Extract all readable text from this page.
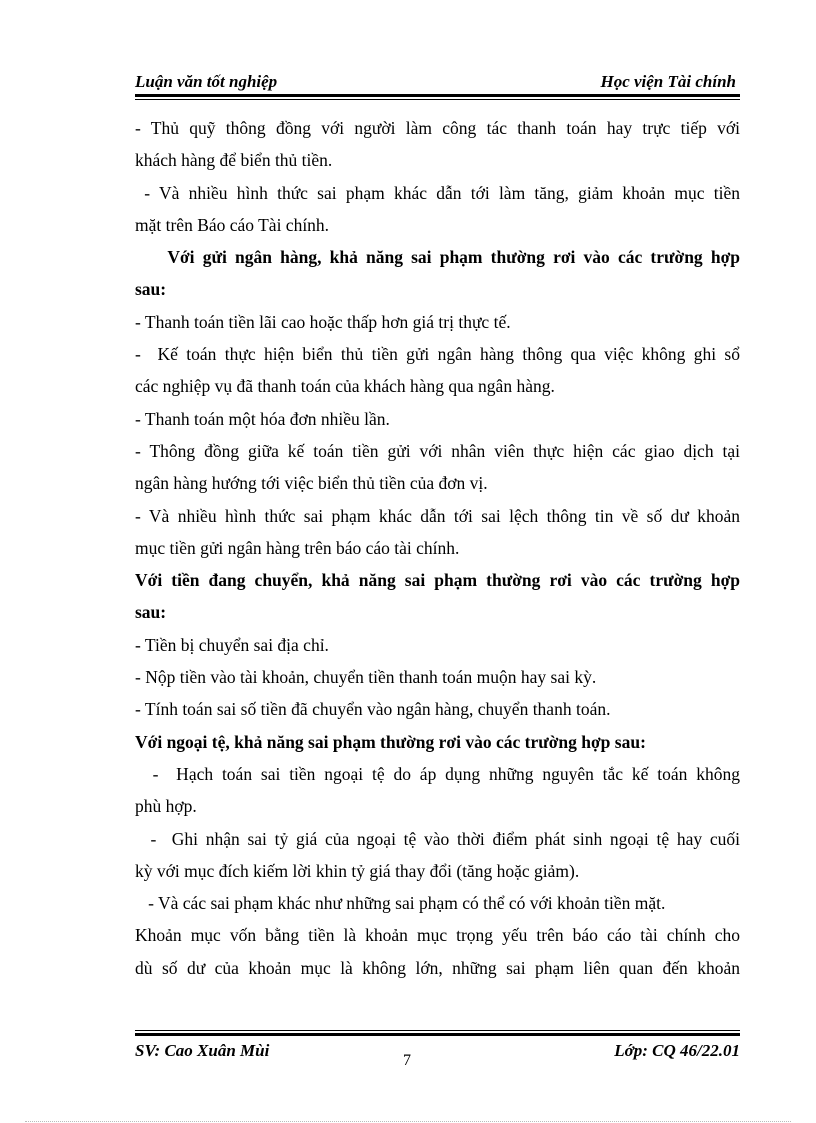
Luận văn tốt nghiệp	Học viện Tài chính
- Thủ quỹ thông đồng với người làm công tác thanh toán hay trực tiếp với
khách hàng để biển thủ tiền.
- Và nhiều hình thức sai phạm khác dẫn tới làm tăng, giảm khoản mục tiền
mặt trên Báo cáo Tài chính.
Với gửi ngân hàng, khả năng sai phạm thường rơi vào các trường hợp
sau:
- Thanh toán tiền lãi cao hoặc thấp hơn giá trị thực tế.
-  Kế toán thực hiện biển thủ tiền gửi ngân hàng thông qua việc không ghi sổ
các nghiệp vụ đã thanh toán của khách hàng qua ngân hàng.
- Thanh toán một hóa đơn nhiều lần.
- Thông đồng giữa kế toán tiền gửi với nhân viên thực hiện các giao dịch tại
ngân hàng hướng tới việc biển thủ tiền của đơn vị.
- Và nhiều hình thức sai phạm khác dẫn tới sai lệch thông tin về số dư khoản
mục tiền gửi ngân hàng trên báo cáo tài chính.
Với tiền đang chuyển, khả năng sai phạm thường rơi vào các trường hợp
sau:
- Tiền bị chuyển sai địa chỉ.
- Nộp tiền vào tài khoản, chuyển tiền thanh toán muộn hay sai kỳ.
- Tính toán sai số tiền đã chuyển vào ngân hàng, chuyển thanh toán.
Với ngoại tệ, khả năng sai phạm thường rơi vào các trường hợp sau:
-  Hạch toán sai tiền ngoại tệ do áp dụng những nguyên tắc kế toán không
phù hợp.
-  Ghi nhận sai tỷ giá của ngoại tệ vào thời điểm phát sinh ngoại tệ hay cuối
kỳ với mục đích kiếm lời khin tỷ giá thay đổi (tăng hoặc giảm).
- Và các sai phạm khác như những sai phạm có thể có với khoản tiền mặt.
Khoản mục vốn bằng tiền là khoản mục trọng yếu trên báo cáo tài chính cho
dù số dư của khoản mục là không lớn, những sai phạm liên quan đến khoản
SV: Cao Xuân Mùi
7
Lớp: CQ 46/22.01
